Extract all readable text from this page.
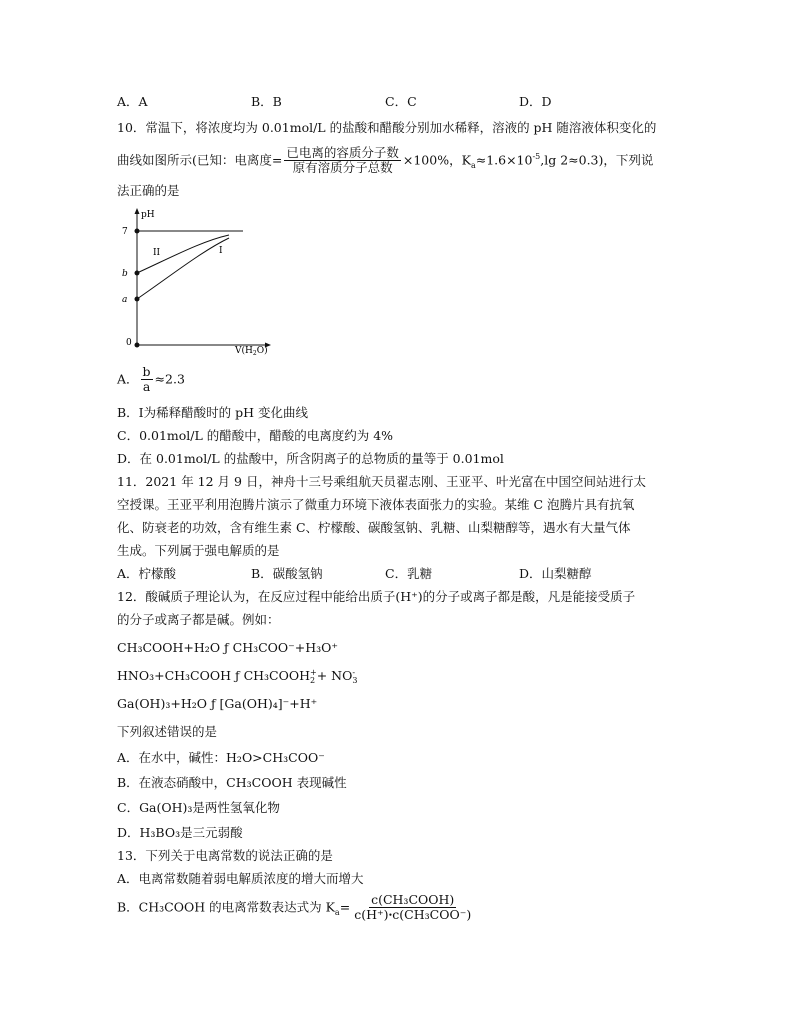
A．A	B．B	C．C	D．D
10．常温下，将浓度均为 0.01mol/L 的盐酸和醋酸分别加水稀释，溶液的 pH 随溶液体积变化的
曲线如图所示(已知：电离度= $\frac{\text{已电离的容质分子数}}{\text{原有溶质分子总数}} \times 100\%$，$K_a\approx 1.6\times 10^{-5},\lg$ 2≈0.3)，下列说
法正确的是
pH
7
b
a
0
II	I
$V(H_2O)$
A． $\frac{b}{a} \approx 2.3$
B．Ⅰ为稀释醋酸时的 pH 变化曲线
C．0.01mol/L 的醋酸中，醋酸的电离度约为 4%
D．在 0.01mol/L 的盐酸中，所含阴离子的总物质的量等于 0.01mol
11．2021 年 12 月 9 日，神舟十三号乘组航天员翟志刚、王亚平、叶光富在中国空间站进行太
空授课。王亚平利用泡腾片演示了微重力环境下液体表面张力的实验。某维 C 泡腾片具有抗氧
化、防衰老的功效，含有维生素 C、柠檬酸、碳酸氢钠、乳糖、山梨糖醇等，遇水有大量气体
生成。下列属于强电解质的是
A．柠檬酸	B．碳酸氢钠	C．乳糖	D．山梨糖醇
12．酸碱质子理论认为，在反应过程中能给出质子(H⁺)的分子或离子都是酸，凡是能接受质子
的分子或离子都是碱。例如：
CH₃COOH+H₂O ƒ CH₃COO⁻+H₃O⁺
HNO₃+CH₃COOH ƒ CH₃COOH +
2 + NO -
3
Ga(OH)₃+H₂O ƒ [Ga(OH)₄]⁻+H⁺
下列叙述错误的是
A．在水中，碱性：H₂O>CH₃COO⁻
B．在液态硝酸中，CH₃COOH 表现碱性
C．Ga(OH)₃是两性氢氧化物
D．H₃BO₃是三元弱酸
13．下列关于电离常数的说法正确的是
A．电离常数随着弱电解质浓度的增大而增大
B．CH₃COOH 的电离常数表达式为 $K_a= \frac{\text{c(CH₃COOH)}}{\text{c(H⁺)ꞏc(CH₃COO⁻)}}$
